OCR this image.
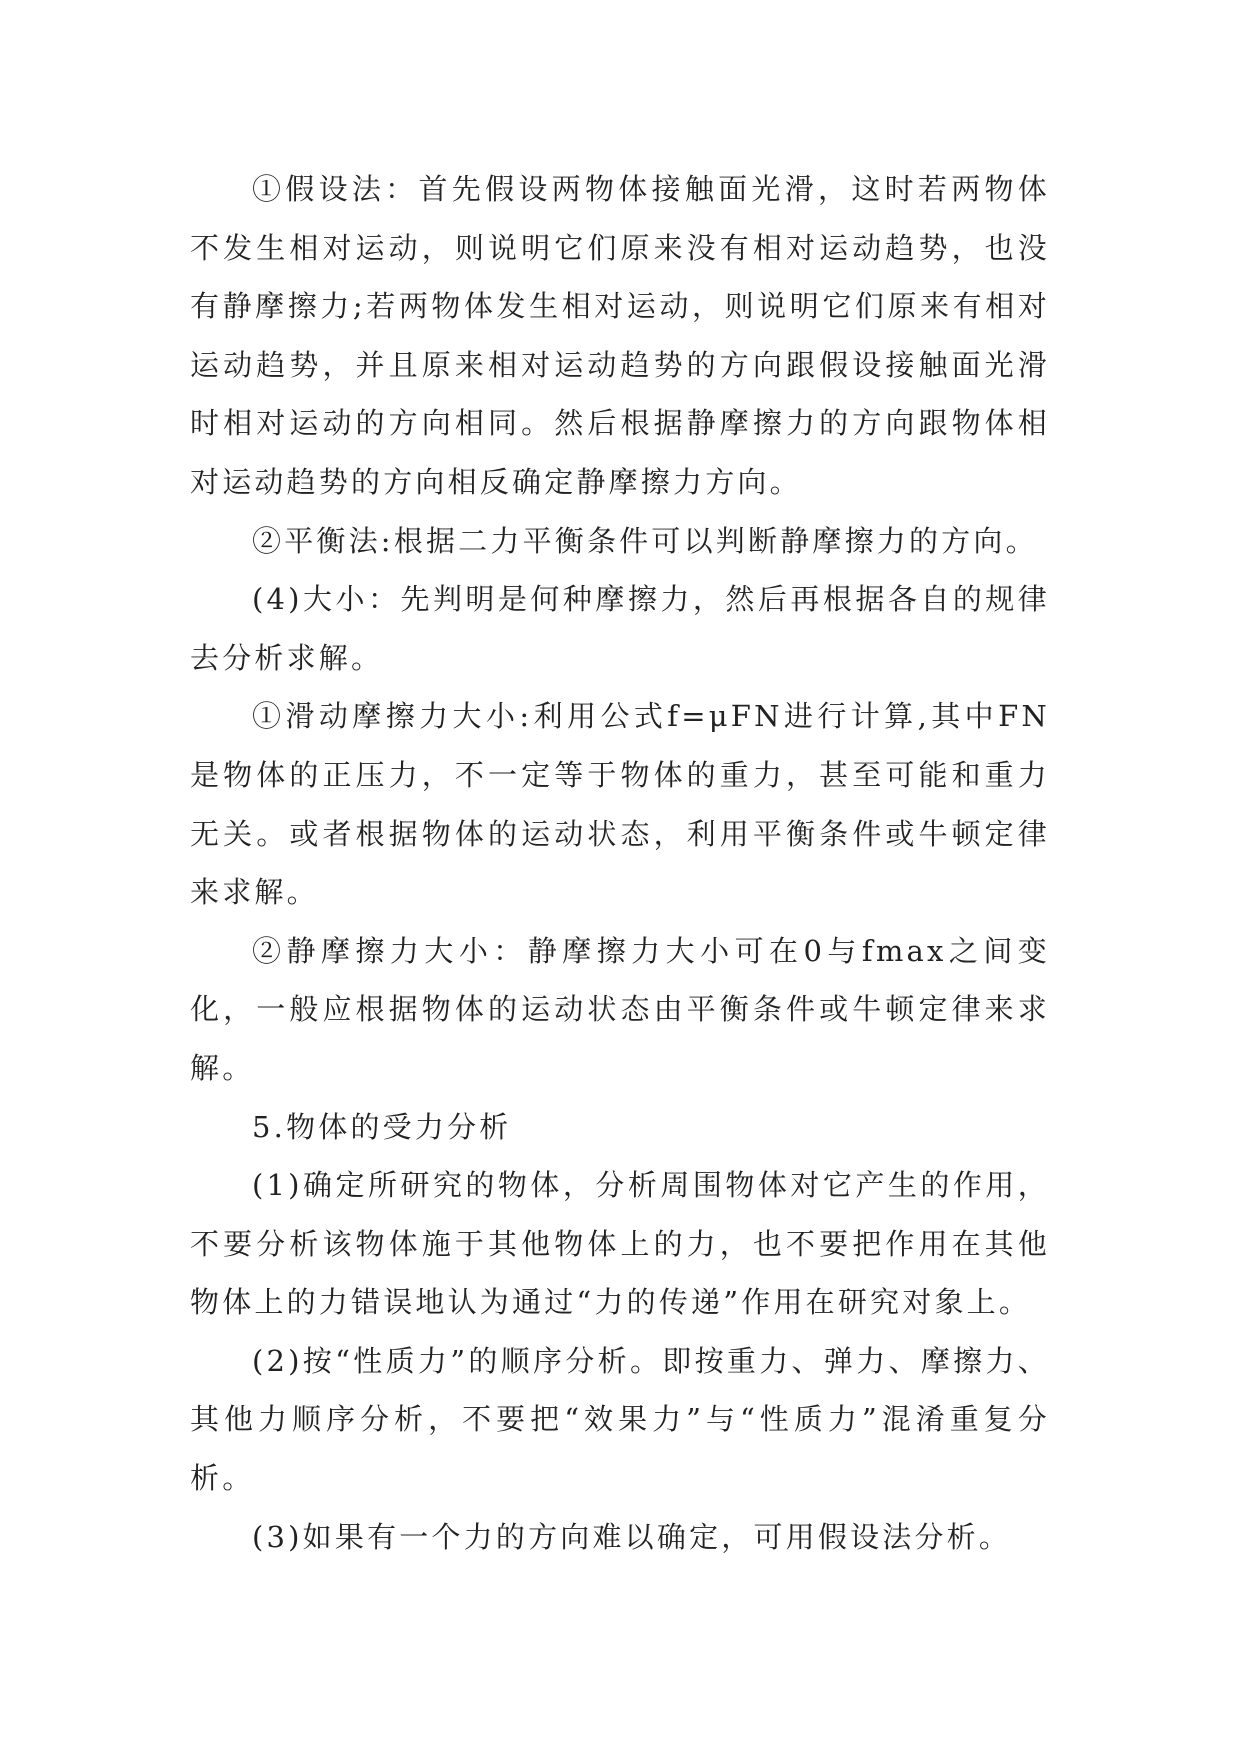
①假设法：首先假设两物体接触面光滑，这时若两物体不发生相对运动，则说明它们原来没有相对运动趋势，也没有静摩擦力;若两物体发生相对运动，则说明它们原来有相对运动趋势，并且原来相对运动趋势的方向跟假设接触面光滑时相对运动的方向相同。然后根据静摩擦力的方向跟物体相对运动趋势的方向相反确定静摩擦力方向。

②平衡法:根据二力平衡条件可以判断静摩擦力的方向。

(4)大小：先判明是何种摩擦力，然后再根据各自的规律去分析求解。

①滑动摩擦力大小:利用公式f=μFN进行计算,其中FN是物体的正压力，不一定等于物体的重力，甚至可能和重力无关。或者根据物体的运动状态，利用平衡条件或牛顿定律来求解。

②静摩擦力大小：静摩擦力大小可在0与fmax之间变化，一般应根据物体的运动状态由平衡条件或牛顿定律来求解。

5.物体的受力分析

(1)确定所研究的物体，分析周围物体对它产生的作用，不要分析该物体施于其他物体上的力，也不要把作用在其他物体上的力错误地认为通过“力的传递”作用在研究对象上。

(2)按“性质力”的顺序分析。即按重力、弹力、摩擦力、其他力顺序分析，不要把“效果力”与“性质力”混淆重复分析。

(3)如果有一个力的方向难以确定，可用假设法分析。
